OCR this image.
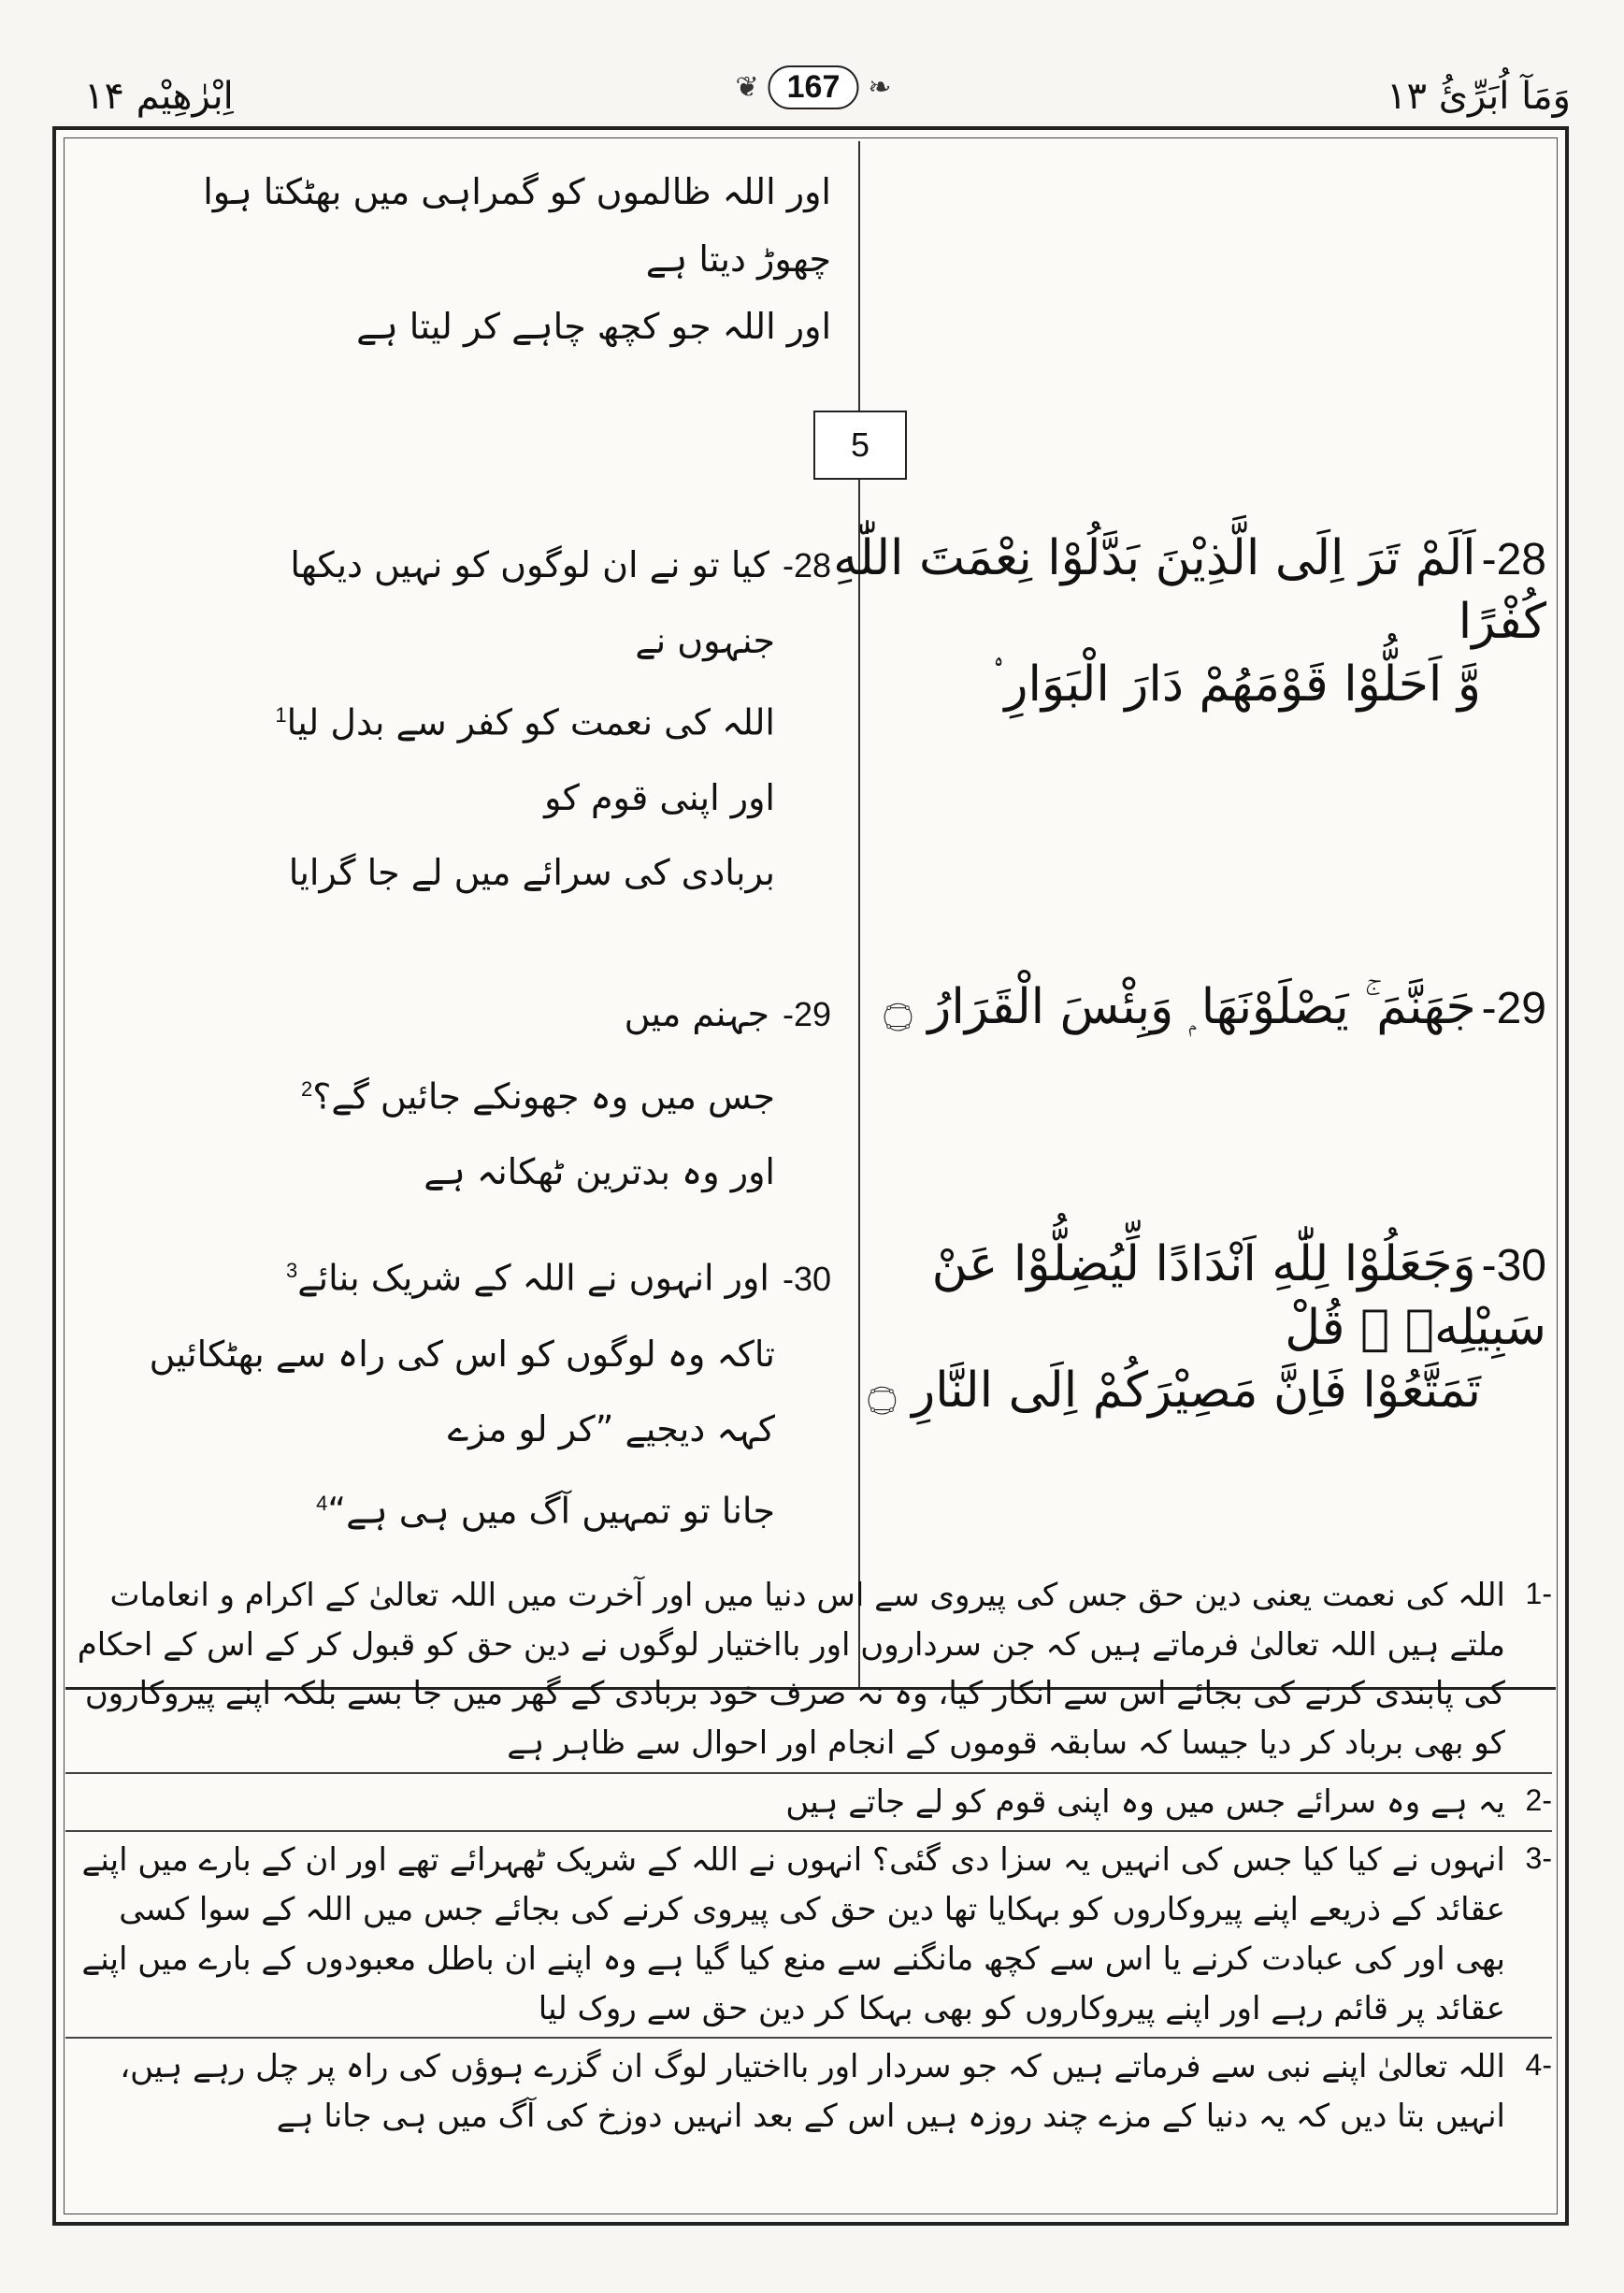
وَمَآ اُبَرِّئُ ۱۳
❦ 167	❧
اِبْرٰھِیْم ۱۴
5
اور اللہ ظالموں کو گمراہی میں بھٹکتا ہوا
چھوڑ دیتا ہے
اور اللہ جو کچھ چاہے کر لیتا ہے
28-اَلَمْ تَرَ اِلَى الَّذِيْنَ بَدَّلُوْا نِعْمَتَ اللّٰهِ كُفْرًا
وَّ اَحَلُّوْا قَوْمَهُمْ دَارَ الْبَوَارِ ۟
28-کیا تو نے ان لوگوں کو نہیں دیکھا
جنہوں نے
اللہ کی نعمت کو کفر سے بدل لیا$^1$
اور اپنی قوم کو
بربادی کی سرائے میں لے جا گرایا
29-جَهَنَّمَ ۚ يَصْلَوْنَهَا ۭ وَبِئْسَ الْقَرَارُ ۝
29-جہنم میں
جس میں وہ جھونکے جائیں گے؟$^2$
اور وہ بدترین ٹھکانہ ہے
30-وَجَعَلُوْا لِلّٰهِ اَنْدَادًا لِّيُضِلُّوْا عَنْ سَبِيْلِهٖ ۭ قُلْ
تَمَتَّعُوْا فَاِنَّ مَصِيْرَكُمْ اِلَى النَّارِ ۝
30-اور انہوں نے اللہ کے شریک بنائے$^3$
تاکہ وہ لوگوں کو اس کی راہ سے بھٹکائیں
کہہ دیجیے ”کر لو مزے
جانا تو تمہیں آگ میں ہی ہے“$^4$
-1
اللہ کی نعمت یعنی دین حق جس کی پیروی سے اس دنیا میں اور آخرت میں اللہ تعالیٰ کے اکرام و انعامات ملتے ہیں اللہ تعالیٰ فرماتے ہیں کہ جن سرداروں اور بااختیار لوگوں نے دین حق کو قبول کر کے اس کے احکام کی پابندی کرنے کی بجائے اس سے انکار کیا، وہ نہ صرف خود بربادی کے گھر میں جا بسے بلکہ اپنے پیروکاروں کو بھی برباد کر دیا جیسا کہ سابقہ قوموں کے انجام اور احوال سے ظاہر ہے
-2
یہ ہے وہ سرائے جس میں وہ اپنی قوم کو لے جاتے ہیں
-3
انہوں نے کیا کیا جس کی انہیں یہ سزا دی گئی؟ انہوں نے اللہ کے شریک ٹھہرائے تھے اور ان کے بارے میں اپنے عقائد کے ذریعے اپنے پیروکاروں کو بہکایا تھا دین حق کی پیروی کرنے کی بجائے جس میں اللہ کے سوا کسی بھی اور کی عبادت کرنے یا اس سے کچھ مانگنے سے منع کیا گیا ہے وہ اپنے ان باطل معبودوں کے بارے میں اپنے عقائد پر قائم رہے اور اپنے پیروکاروں کو بھی بہکا کر دین حق سے روک لیا
-4
اللہ تعالیٰ اپنے نبی سے فرماتے ہیں کہ جو سردار اور بااختیار لوگ ان گزرے ہوؤں کی راہ پر چل رہے ہیں، انہیں بتا دیں کہ یہ دنیا کے مزے چند روزہ ہیں اس کے بعد انہیں دوزخ کی آگ میں ہی جانا ہے
